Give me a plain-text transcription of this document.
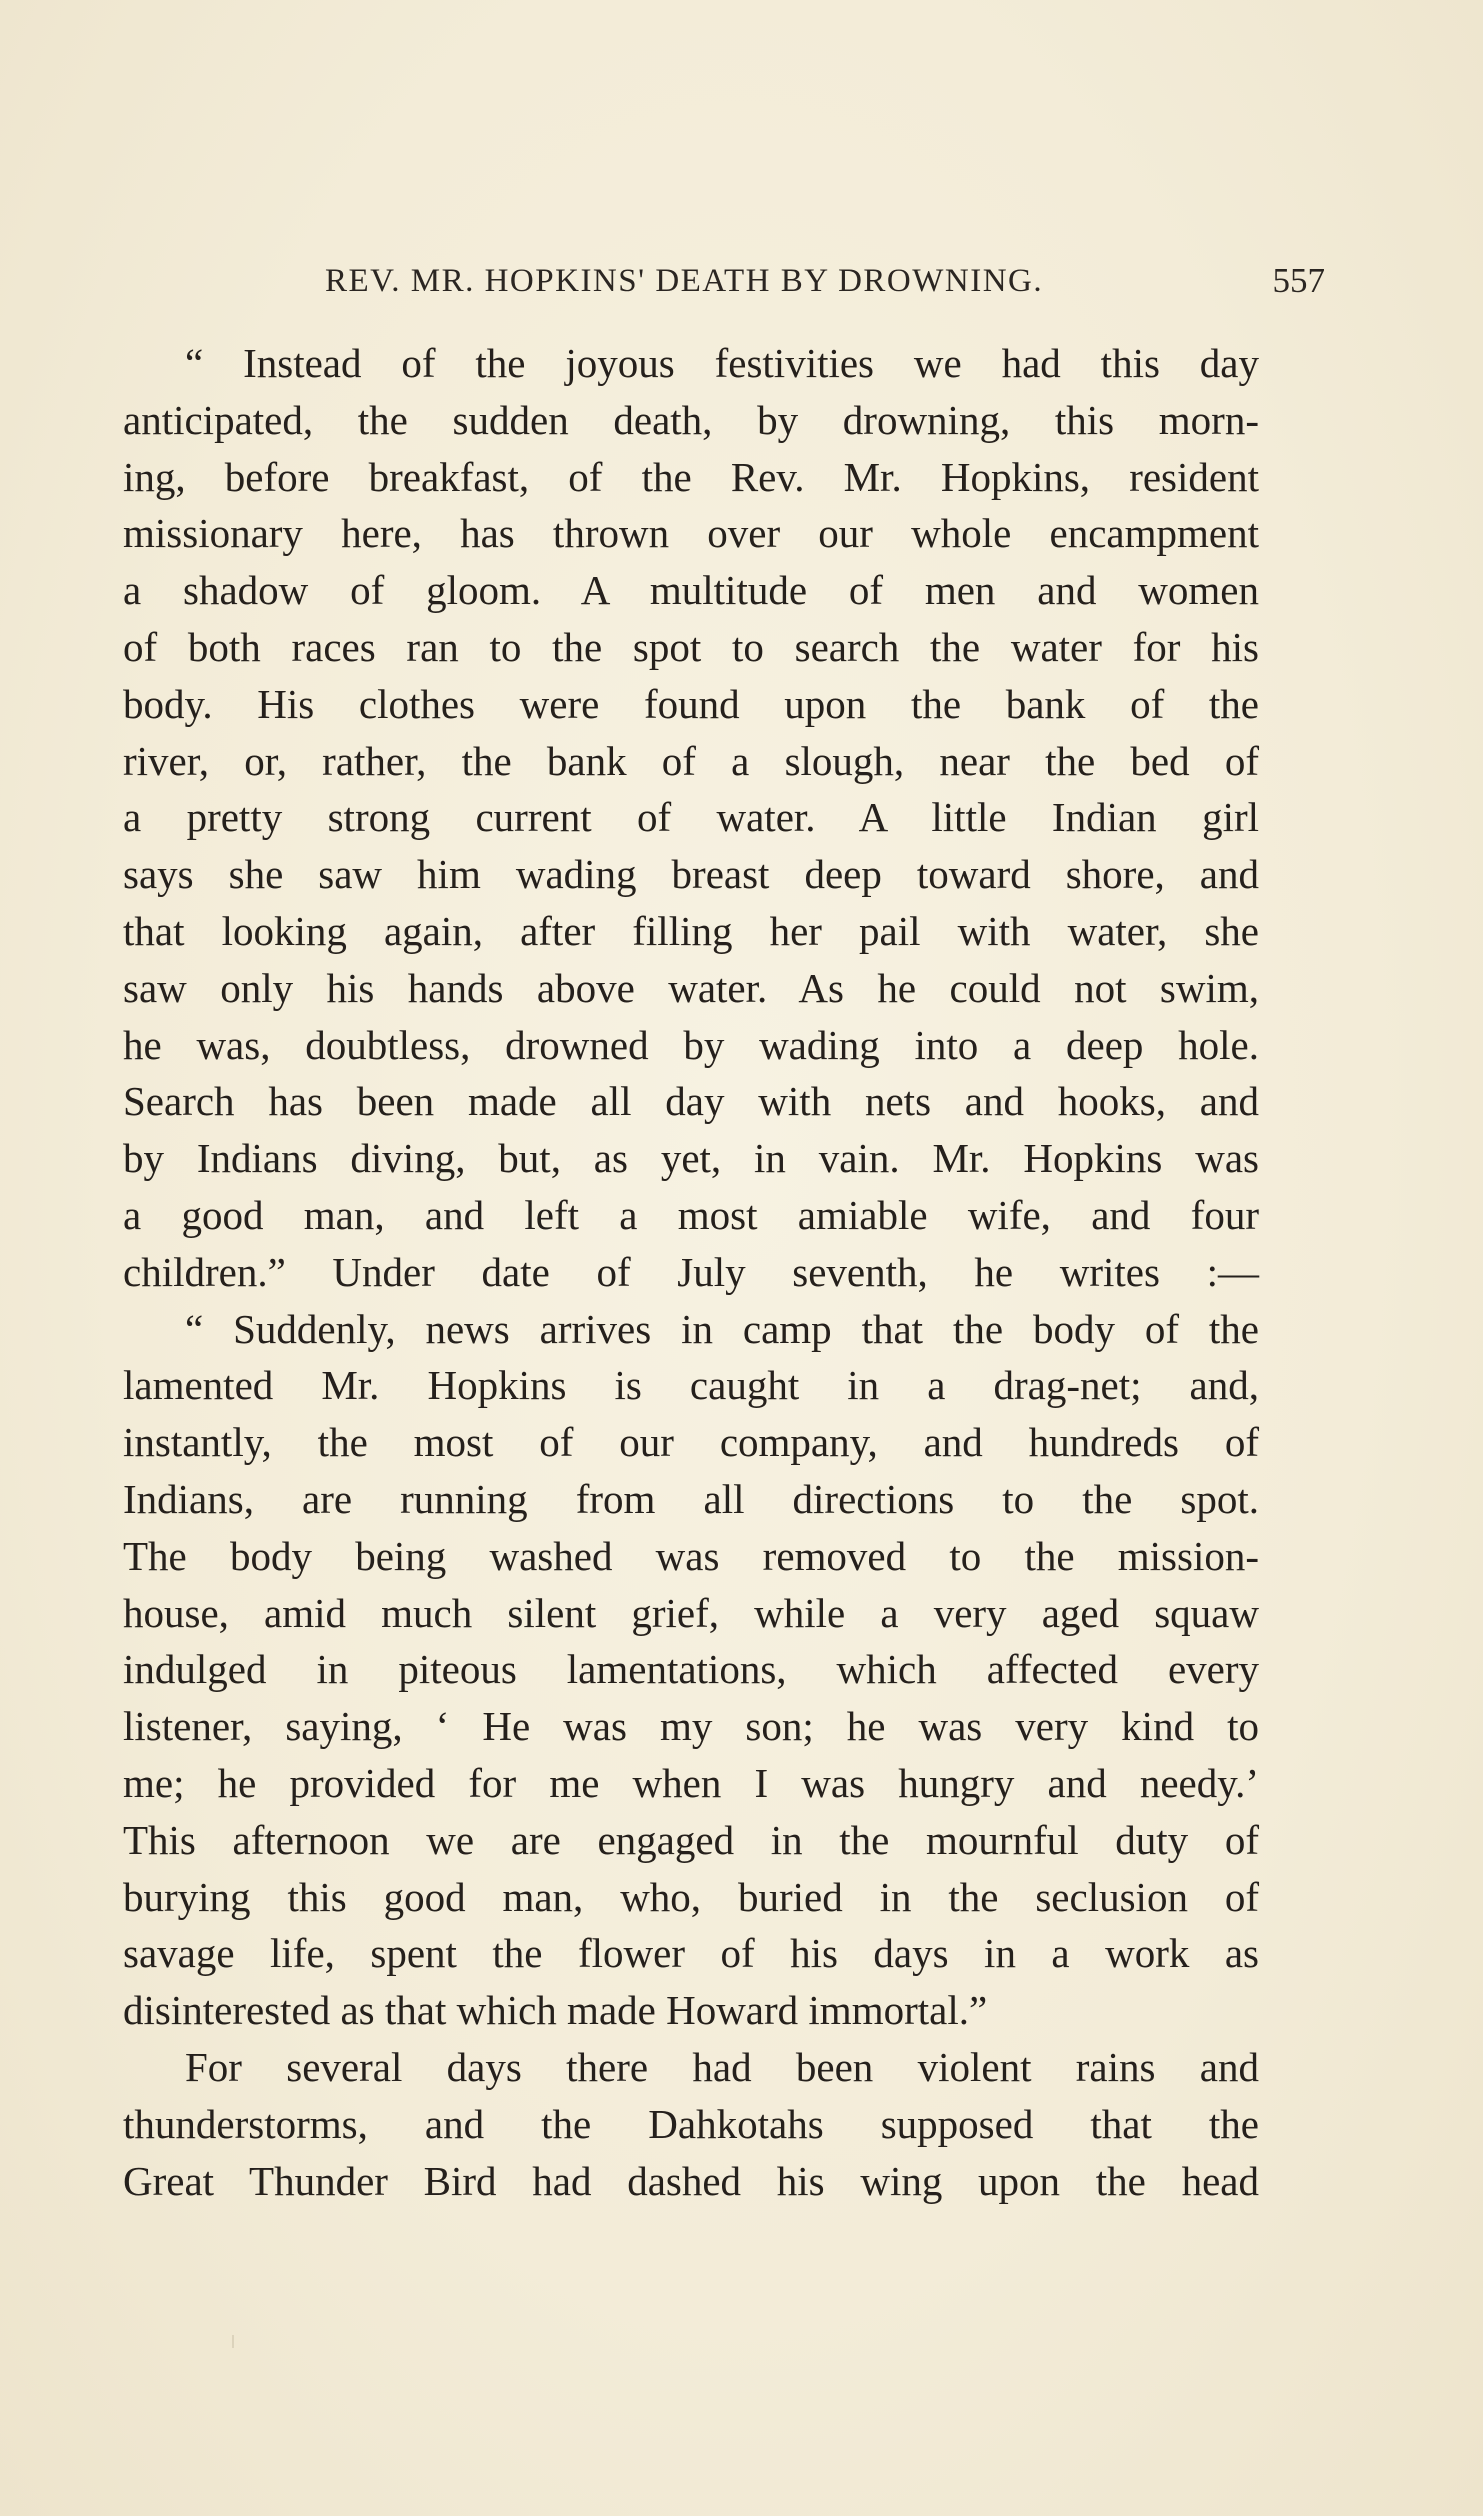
REV. MR. HOPKINS' DEATH BY DROWNING.	557
“ Instead of the joyous festivities we had this day
anticipated, the sudden death, by drowning, this morn-
ing, before breakfast, of the Rev. Mr. Hopkins, resident
missionary here, has thrown over our whole encampment
a shadow of gloom. A multitude of men and women
of both races ran to the spot to search the water for his
body. His clothes were found upon the bank of the
river, or, rather, the bank of a slough, near the bed of
a pretty strong current of water. A little Indian girl
says she saw him wading breast deep toward shore, and
that looking again, after filling her pail with water, she
saw only his hands above water. As he could not swim,
he was, doubtless, drowned by wading into a deep hole.
Search has been made all day with nets and hooks, and
by Indians diving, but, as yet, in vain. Mr. Hopkins was
a good man, and left a most amiable wife, and four
children.” Under date of July seventh, he writes :—
“ Suddenly, news arrives in camp that the body of the
lamented Mr. Hopkins is caught in a drag-net; and,
instantly, the most of our company, and hundreds of
Indians, are running from all directions to the spot.
The body being washed was removed to the mission-
house, amid much silent grief, while a very aged squaw
indulged in piteous lamentations, which affected every
listener, saying, ‘ He was my son; he was very kind to
me; he provided for me when I was hungry and needy.’
This afternoon we are engaged in the mournful duty of
burying this good man, who, buried in the seclusion of
savage life, spent the flower of his days in a work as
disinterested as that which made Howard immortal.”
For several days there had been violent rains and
thunderstorms, and the Dahkotahs supposed that the
Great Thunder Bird had dashed his wing upon the head
